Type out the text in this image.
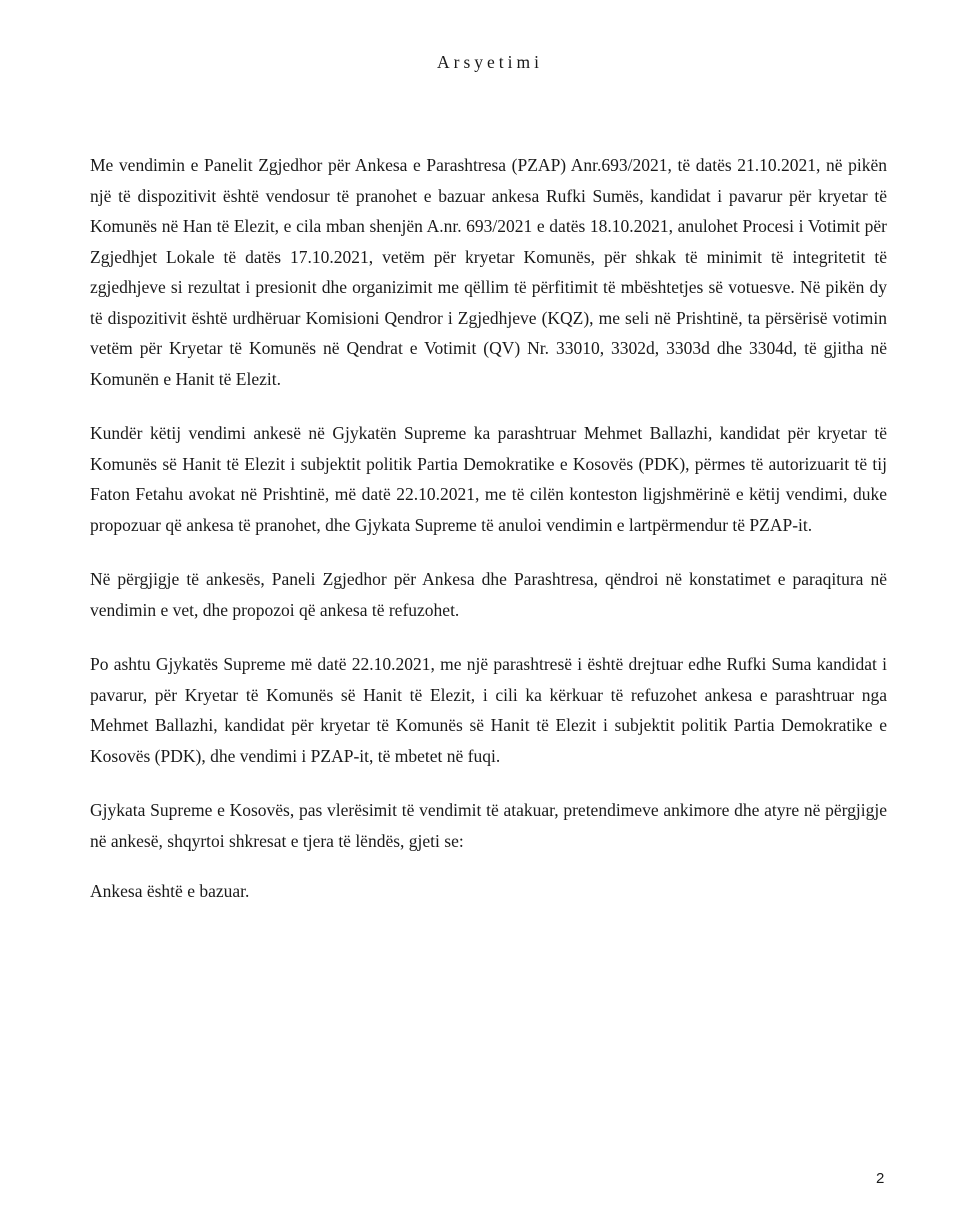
Arsyetimi

Me vendimin e Panelit Zgjedhor për Ankesa e Parashtresa (PZAP) Anr.693/2021, të datës 21.10.2021, në pikën një të dispozitivit është vendosur të pranohet e bazuar ankesa Rufki Sumës, kandidat i pavarur për kryetar të Komunës në Han të Elezit, e cila mban shenjën A.nr. 693/2021 e datës 18.10.2021, anulohet Procesi i Votimit për Zgjedhjet Lokale të datës 17.10.2021, vetëm për kryetar Komunës, për shkak të minimit të integritetit të zgjedhjeve si rezultat i presionit dhe organizimit me qëllim të përfitimit të mbështetjes së votuesve. Në pikën dy të dispozitivit është urdhëruar Komisioni Qendror i Zgjedhjeve (KQZ), me seli në Prishtinë, ta përsërisë votimin vetëm për Kryetar të Komunës në Qendrat e Votimit (QV) Nr. 33010, 3302d, 3303d dhe 3304d, të gjitha në Komunën e Hanit të Elezit.

Kundër këtij vendimi ankesë në Gjykatën Supreme ka parashtruar Mehmet Ballazhi, kandidat për kryetar të Komunës së Hanit të Elezit i subjektit politik Partia Demokratike e Kosovës (PDK), përmes të autorizuarit të tij Faton Fetahu avokat në Prishtinë, më datë 22.10.2021, me të cilën konteston ligjshmërinë e këtij vendimi, duke propozuar që ankesa të pranohet, dhe Gjykata Supreme të anuloi vendimin e lartpërmendur të PZAP-it.

Në përgjigje të ankesës, Paneli Zgjedhor për Ankesa dhe Parashtresa, qëndroi në konstatimet e paraqitura në vendimin e vet, dhe propozoi që ankesa të refuzohet.

Po ashtu Gjykatës Supreme më datë 22.10.2021, me një parashtresë i është drejtuar edhe Rufki Suma kandidat i pavarur, për Kryetar të Komunës së Hanit të Elezit, i cili ka kërkuar të refuzohet ankesa e parashtruar nga Mehmet Ballazhi, kandidat për kryetar të Komunës së Hanit të Elezit i subjektit politik Partia Demokratike e Kosovës (PDK), dhe vendimi i PZAP-it, të mbetet në fuqi.

Gjykata Supreme e Kosovës, pas vlerësimit të vendimit të atakuar, pretendimeve ankimore dhe atyre në përgjigje në ankesë, shqyrtoi shkresat e tjera të lëndës, gjeti se:

Ankesa është e bazuar.

2
